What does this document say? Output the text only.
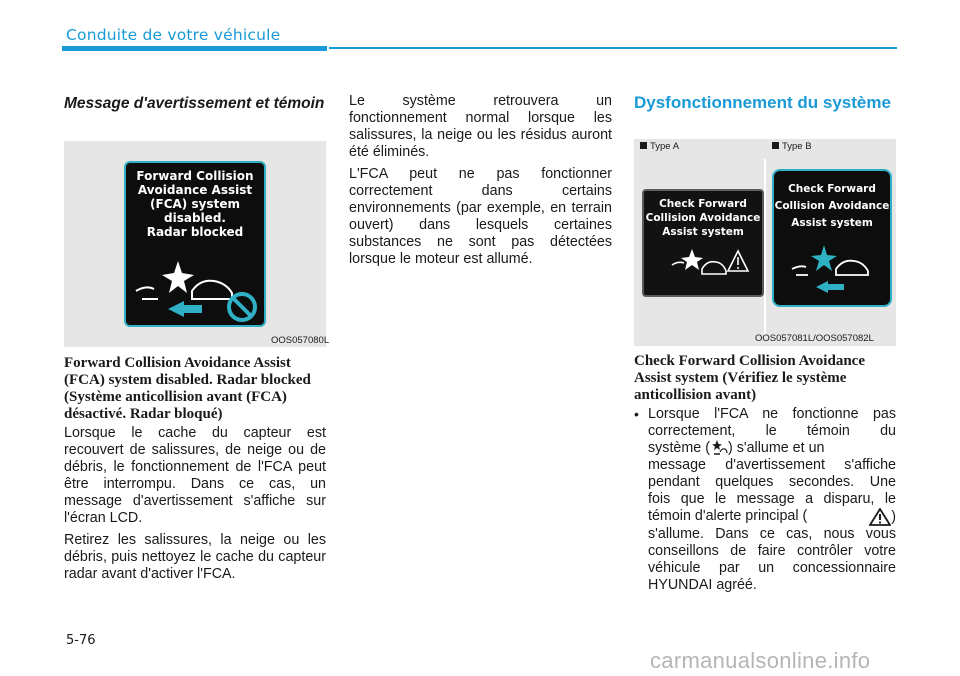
Conduite de votre véhicule
Message d'avertissement et témoin
Forward Collision
Avoidance Assist
(FCA) system
disabled.
Radar blocked
OOS057080L
Forward Collision Avoidance Assist (FCA) system disabled. Radar blocked (Système anticollision avant (FCA) désactivé. Radar bloqué)
Lorsque le cache du capteur est recouvert de salissures, de neige ou de débris, le fonctionnement de l'FCA peut être interrompu. Dans ce cas, un message d'avertissement s'affiche sur l'écran LCD.
Retirez les salissures, la neige ou les débris, puis nettoyez le cache du capteur radar avant d'activer l'FCA.
Le système retrouvera un fonctionnement normal lorsque les salissures, la neige ou les résidus auront été éliminés.
L'FCA peut ne pas fonctionner correctement dans certains environnements (par exemple, en terrain ouvert) dans lesquels certaines substances ne sont pas détectées lorsque le moteur est allumé.
Dysfonctionnement du système
Type A	Type B
Check Forward
Collision Avoidance
Assist system
Check Forward
Collision Avoidance
Assist system
OOS057081L/OOS057082L
Check Forward Collision Avoidance Assist system (Vérifiez le système anticollision avant)
• Lorsque l'FCA ne fonctionne pas
correctement, le témoin du
système ( ) s'allume et un
message d'avertissement s'affiche
pendant quelques secondes. Une
fois que le message a disparu, le
témoin d'alerte principal (	)
s'allume. Dans ce cas, nous vous
conseillons de faire contrôler votre
véhicule par un concessionnaire
HYUNDAI agréé.
5-76
carmanualsonline.info
